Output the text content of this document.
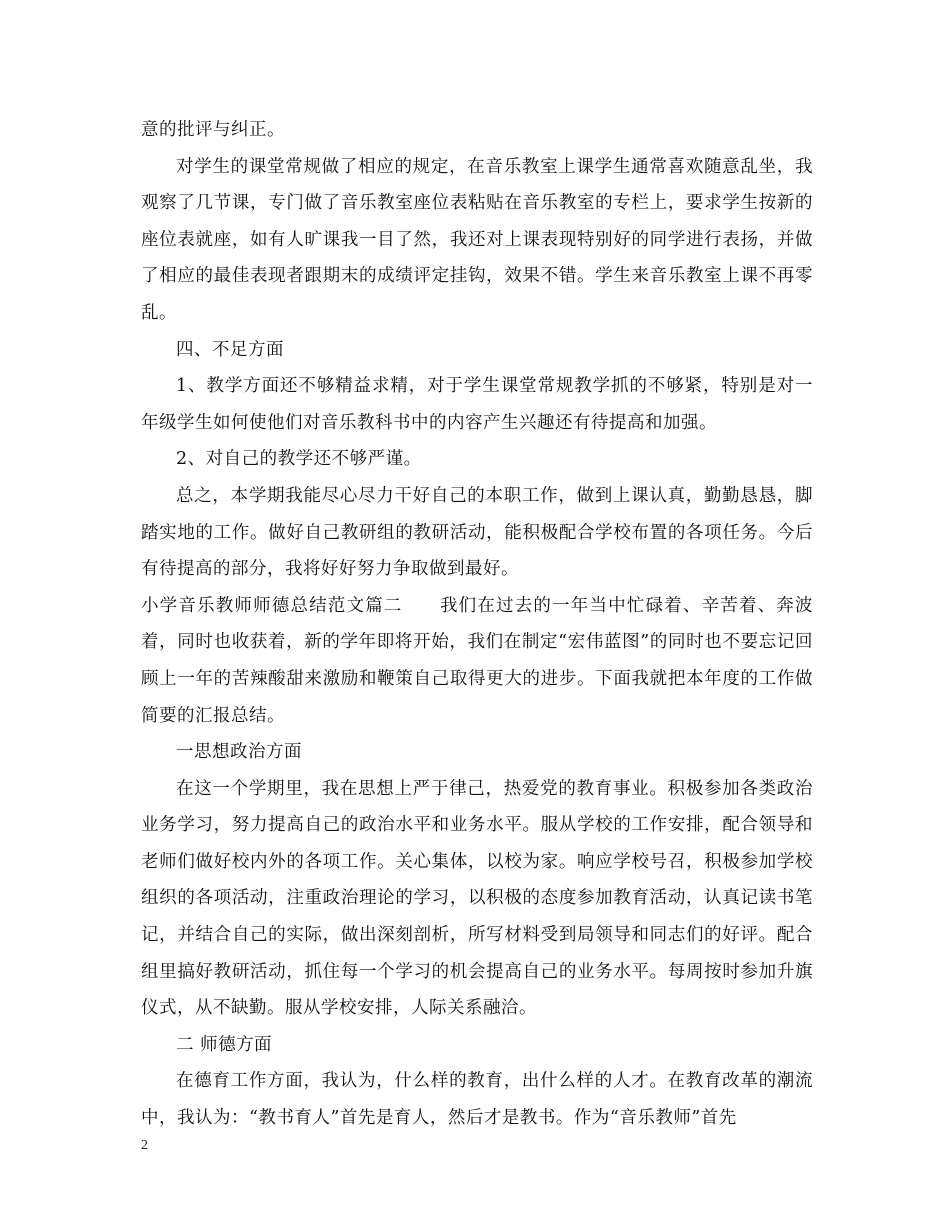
意的批评与纠正。

对学生的课堂常规做了相应的规定，在音乐教室上课学生通常喜欢随意乱坐，我观察了几节课，专门做了音乐教室座位表粘贴在音乐教室的专栏上，要求学生按新的座位表就座，如有人旷课我一目了然，我还对上课表现特别好的同学进行表扬，并做了相应的最佳表现者跟期末的成绩评定挂钩，效果不错。学生来音乐教室上课不再零乱。

四、不足方面

1、教学方面还不够精益求精，对于学生课堂常规教学抓的不够紧，特别是对一年级学生如何使他们对音乐教科书中的内容产生兴趣还有待提高和加强。

2、对自己的教学还不够严谨。

总之，本学期我能尽心尽力干好自己的本职工作，做到上课认真，勤勤恳恳，脚踏实地的工作。做好自己教研组的教研活动，能积极配合学校布置的各项任务。今后有待提高的部分，我将好好努力争取做到最好。

小学音乐教师师德总结范文篇二　　我们在过去的一年当中忙碌着、辛苦着、奔波着，同时也收获着，新的学年即将开始，我们在制定“宏伟蓝图”的同时也不要忘记回顾上一年的苦辣酸甜来激励和鞭策自己取得更大的进步。下面我就把本年度的工作做简要的汇报总结。

一思想政治方面

在这一个学期里，我在思想上严于律己，热爱党的教育事业。积极参加各类政治业务学习，努力提高自己的政治水平和业务水平。服从学校的工作安排，配合领导和老师们做好校内外的各项工作。关心集体，以校为家。响应学校号召，积极参加学校组织的各项活动，注重政治理论的学习，以积极的态度参加教育活动，认真记读书笔记，并结合自己的实际，做出深刻剖析，所写材料受到局领导和同志们的好评。配合组里搞好教研活动，抓住每一个学习的机会提高自己的业务水平。每周按时参加升旗仪式，从不缺勤。服从学校安排，人际关系融洽。

二 师德方面

在德育工作方面，我认为，什么样的教育，出什么样的人才。在教育改革的潮流中，我认为：“教书育人”首先是育人，然后才是教书。作为“音乐教师”首先

2
